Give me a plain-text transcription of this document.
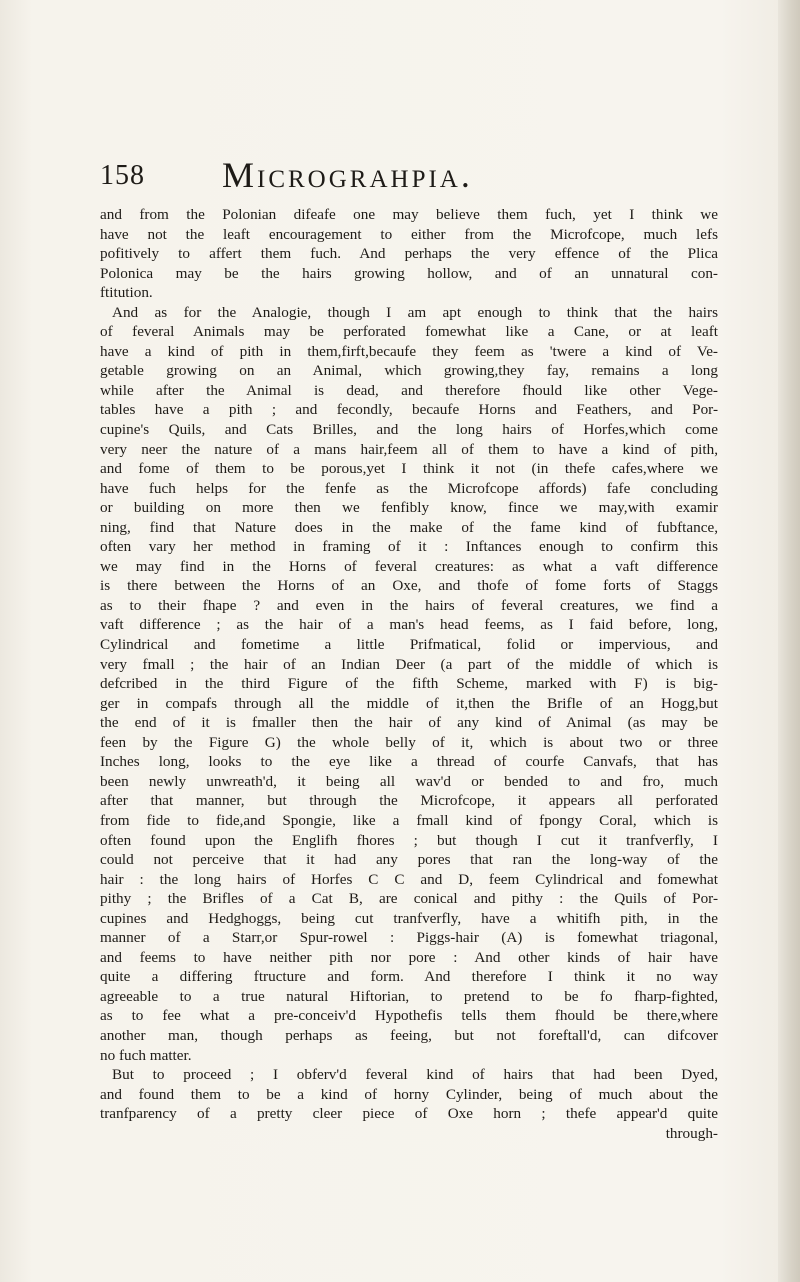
158 Micrograhpia.
and from the Polonian difeafe one may believe them fuch, yet I think we
have not the leaft encouragement to either from the Microfcope, much lefs
pofitively to affert them fuch. And perhaps the very effence of the Plica
Polonica may be the hairs growing hollow, and of an unnatural con-
ftitution.
And as for the Analogie, though I am apt enough to think that the hairs
of feveral Animals may be perforated fomewhat like a Cane, or at leaft
have a kind of pith in them,firft,becaufe they feem as 'twere a kind of Ve-
getable growing on an Animal, which growing,they fay, remains a long
while after the Animal is dead, and therefore fhould like other Vege-
tables have a pith ; and fecondly, becaufe Horns and Feathers, and Por-
cupine's Quils, and Cats Brilles, and the long hairs of Horfes,which come
very neer the nature of a mans hair,feem all of them to have a kind of pith,
and fome of them to be porous,yet I think it not (in thefe cafes,where we
have fuch helps for the fenfe as the Microfcope affords) fafe concluding
or building on more then we fenfibly know, fince we may,with examir
ning, find that Nature does in the make of the fame kind of fubftance,
often vary her method in framing of it : Inftances enough to confirm this
we may find in the Horns of feveral creatures: as what a vaft difference
is there between the Horns of an Oxe, and thofe of fome forts of Staggs
as to their fhape ? and even in the hairs of feveral creatures, we find a
vaft difference ; as the hair of a man's head feems, as I faid before, long,
Cylindrical and fometime a little Prifmatical, folid or impervious, and
very fmall ; the hair of an Indian Deer (a part of the middle of which is
defcribed in the third Figure of the fifth Scheme, marked with F) is big-
ger in compafs through all the middle of it,then the Brifle of an Hogg,but
the end of it is fmaller then the hair of any kind of Animal (as may be
feen by the Figure G) the whole belly of it, which is about two or three
Inches long, looks to the eye like a thread of courfe Canvafs, that has
been newly unwreath'd, it being all wav'd or bended to and fro, much
after that manner, but through the Microfcope, it appears all perforated
from fide to fide,and Spongie, like a fmall kind of fpongy Coral, which is
often found upon the Englifh fhores ; but though I cut it tranfverfly, I
could not perceive that it had any pores that ran the long-way of the
hair : the long hairs of Horfes C C and D, feem Cylindrical and fomewhat
pithy ; the Brifles of a Cat B, are conical and pithy : the Quils of Por-
cupines and Hedghoggs, being cut tranfverfly, have a whitifh pith, in the
manner of a Starr,or Spur-rowel : Piggs-hair (A) is fomewhat triagonal,
and feems to have neither pith nor pore : And other kinds of hair have
quite a differing ftructure and form. And therefore I think it no way
agreeable to a true natural Hiftorian, to pretend to be fo fharp-fighted,
as to fee what a pre-conceiv'd Hypothefis tells them fhould be there,where
another man, though perhaps as feeing, but not foreftall'd, can difcover
no fuch matter.
But to proceed ; I obferv'd feveral kind of hairs that had been Dyed,
and found them to be a kind of horny Cylinder, being of much about the
tranfparency of a pretty cleer piece of Oxe horn ; thefe appear'd quite
through-
